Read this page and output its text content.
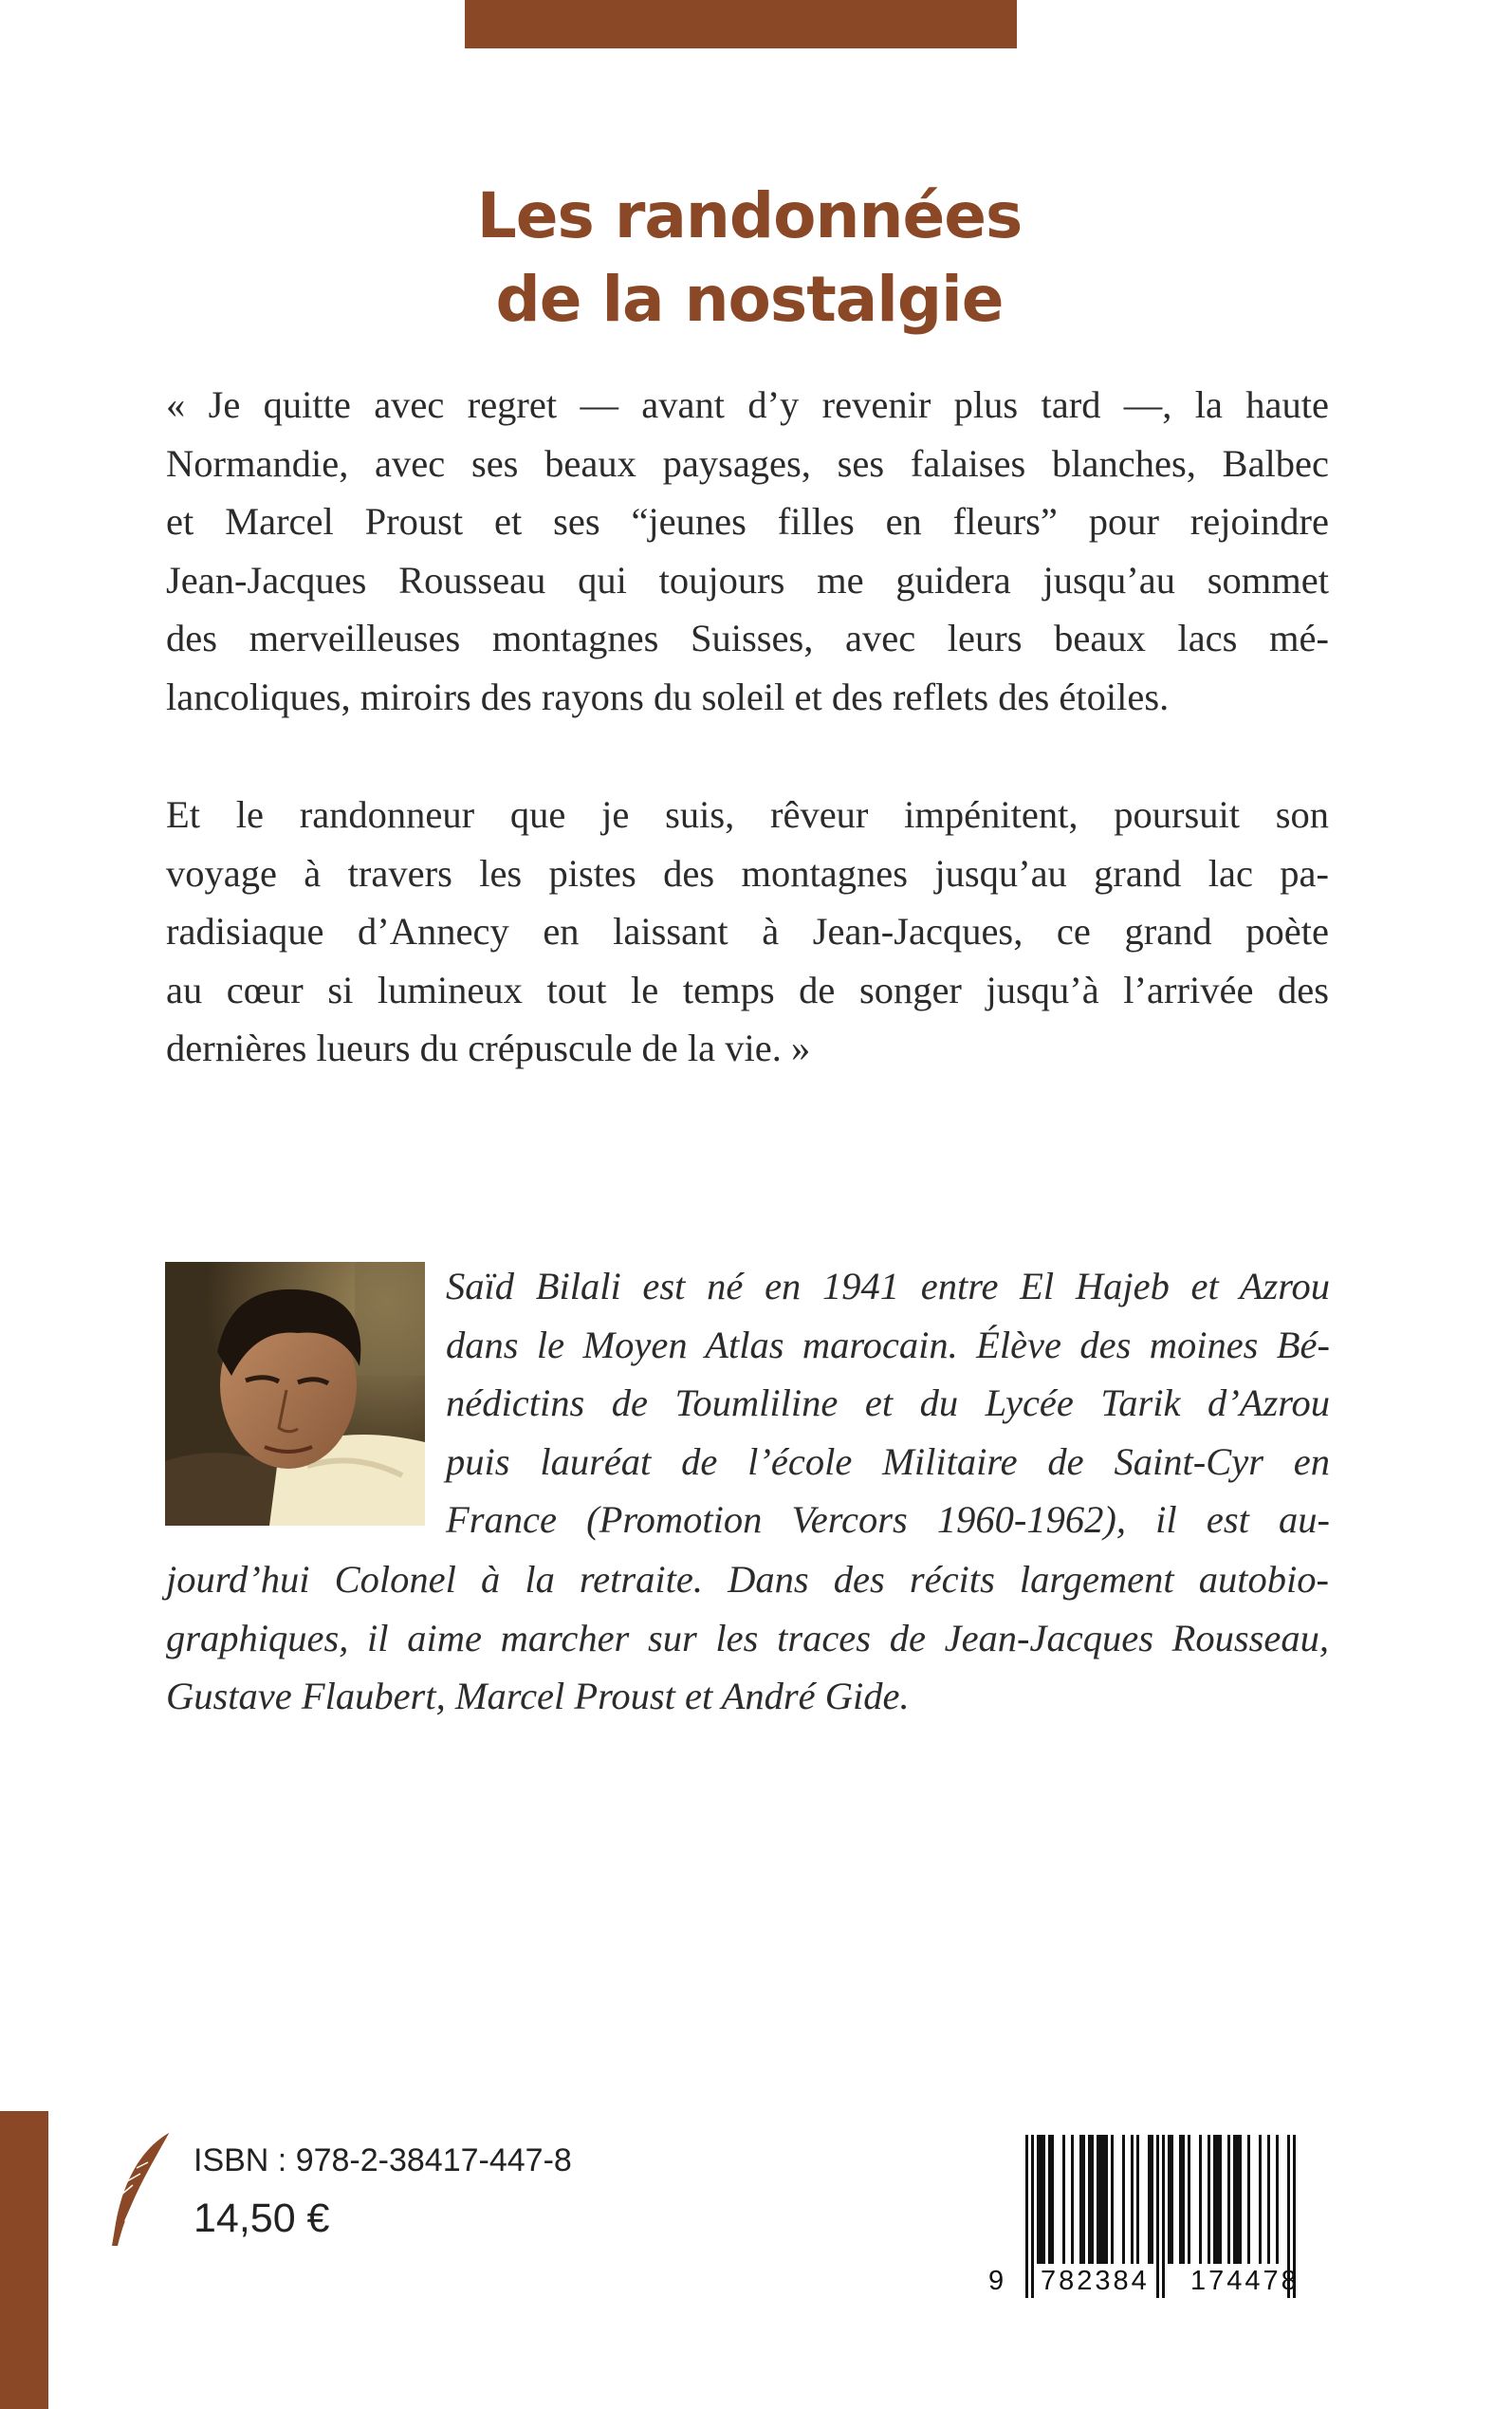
Les randonnées
de la nostalgie

« Je quitte avec regret — avant d’y revenir plus tard —, la haute
Normandie, avec ses beaux paysages, ses falaises blanches, Balbec
et Marcel Proust et ses “jeunes filles en fleurs” pour rejoindre
Jean-Jacques Rousseau qui toujours me guidera jusqu’au sommet
des merveilleuses montagnes Suisses, avec leurs beaux lacs mé-
lancoliques, miroirs des rayons du soleil et des reflets des étoiles.

Et le randonneur que je suis, rêveur impénitent, poursuit son
voyage à travers les pistes des montagnes jusqu’au grand lac pa-
radisiaque d’Annecy en laissant à Jean-Jacques, ce grand poète
au cœur si lumineux tout le temps de songer jusqu’à l’arrivée des
dernières lueurs du crépuscule de la vie. »

Saïd Bilali est né en 1941 entre El Hajeb et Azrou
dans le Moyen Atlas marocain. Élève des moines Bé-
nédictins de Toumliline et du Lycée Tarik d’Azrou
puis lauréat de l’école Militaire de Saint-Cyr en
France (Promotion Vercors 1960-1962), il est au-

jourd’hui Colonel à la retraite. Dans des récits largement autobio-
graphiques, il aime marcher sur les traces de Jean-Jacques Rousseau,
Gustave Flaubert, Marcel Proust et André Gide.

ISBN : 978-2-38417-447-8
14,50 €
9 782384 174478
